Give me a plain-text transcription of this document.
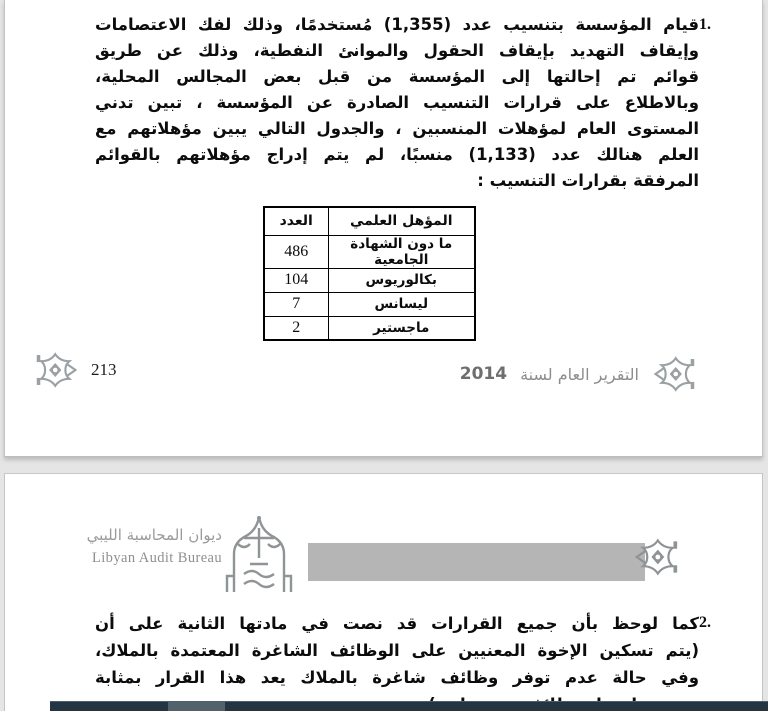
1.
قيام المؤسسة بتنسيب عدد (1,355) مُستخدمًا، وذلك لفك الاعتصامات
وإيقاف التهديد بإيقاف الحقول والموانئ النفطية، وذلك عن طريق
قوائم تم إحالتها إلى المؤسسة من قبل بعض المجالس المحلية،
وبالاطلاع على قرارات التنسيب الصادرة عن المؤسسة ، تبين تدني
المستوى العام لمؤهلات المنسبين ، والجدول التالي يبين مؤهلاتهم مع
العلم هنالك عدد (1,133) منسبًا، لم يتم إدراج مؤهلاتهم بالقوائم
المرفقة بقرارات التنسيب :
المؤهل العلمي	العدد
ما دون الشهادة الجامعية	486
بكالوريوس	104
ليسانس	7
ماجستير	2
213	التقرير العام لسنة
2014
ديوان المحاسبة الليبي
Libyan Audit Bureau
2.
كما لوحظ بأن جميع القرارات قد نصت في مادتها الثانية على أن
(يتم تسكين الإخوة المعنيين على الوظائف الشاغرة المعتمدة بالملاك،
وفي حالة عدم توفر وظائف شاغرة بالملاك يعد هذا القرار بمثابة
